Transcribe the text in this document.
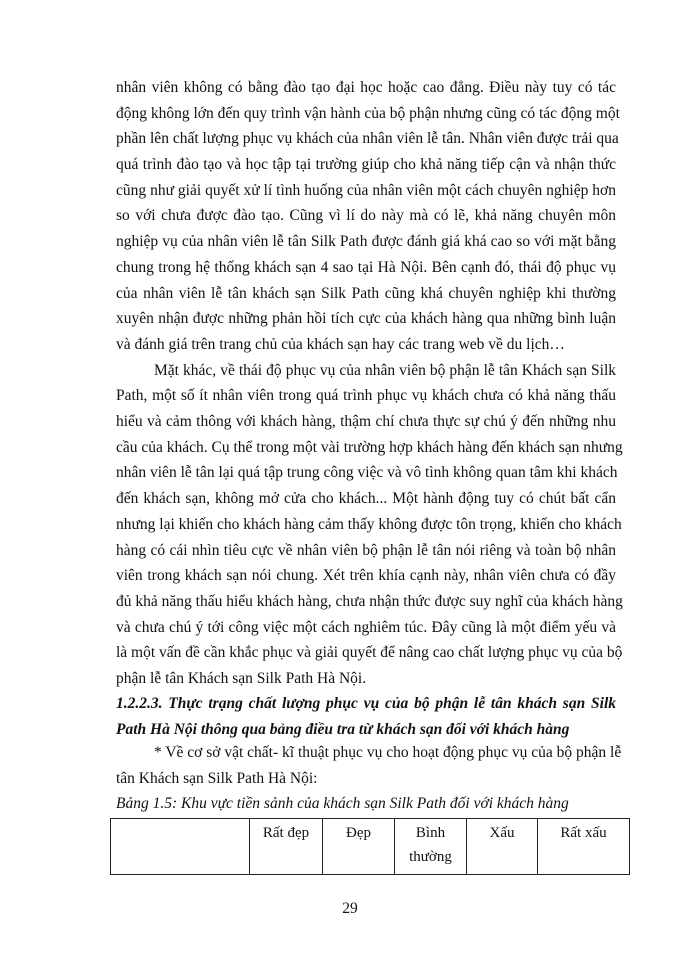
nhân viên không có bằng đào tạo đại học hoặc cao đẳng. Điều này tuy có tác
động không lớn đến quy trình vận hành của bộ phận nhưng cũng có tác động một
phần lên chất lượng phục vụ khách của nhân viên lễ tân. Nhân viên được trải qua
quá trình đào tạo và học tập tại trường giúp cho khả năng tiếp cận và nhận thức
cũng như giải quyết xử lí tình huống của nhân viên một cách chuyên nghiệp hơn
so với chưa được đào tạo. Cũng vì lí do này mà có lẽ, khả năng chuyên môn
nghiệp vụ của nhân viên lễ tân Silk Path được đánh giá khá cao so với mặt bằng
chung trong hệ thống khách sạn 4 sao tại Hà Nội. Bên cạnh đó, thái độ phục vụ
của nhân viên lễ tân khách sạn Silk Path cũng khá chuyên nghiệp khi thường
xuyên nhận được những phản hồi tích cực của khách hàng qua những bình luận
và đánh giá trên trang chủ của khách sạn hay các trang web về du lịch…
Mặt khác, về thái độ phục vụ của nhân viên bộ phận lễ tân Khách sạn Silk
Path, một số ít nhân viên trong quá trình phục vụ khách chưa có khả năng thấu
hiểu và cảm thông với khách hàng, thậm chí chưa thực sự chú ý đến những nhu
cầu của khách. Cụ thể trong một vài trường hợp khách hàng đến khách sạn nhưng
nhân viên lễ tân lại quá tập trung công việc và vô tình không quan tâm khi khách
đến khách sạn, không mở cửa cho khách... Một hành động tuy có chút bất cẩn
nhưng lại khiến cho khách hàng cảm thấy không được tôn trọng, khiến cho khách
hàng có cái nhìn tiêu cực về nhân viên bộ phận lễ tân nói riêng và toàn bộ nhân
viên trong khách sạn nói chung. Xét trên khía cạnh này, nhân viên chưa có đầy
đủ khả năng thấu hiểu khách hàng, chưa nhận thức được suy nghĩ của khách hàng
và chưa chú ý tới công việc một cách nghiêm túc. Đây cũng là một điểm yếu và
là một vấn đề cần khắc phục và giải quyết để nâng cao chất lượng phục vụ của bộ
phận lễ tân Khách sạn Silk Path Hà Nội.
1.2.2.3. Thực trạng chất lượng phục vụ của bộ phận lễ tân khách sạn Silk
Path Hà Nội thông qua bảng điều tra từ khách sạn đối với khách hàng
* Về cơ sở vật chất- kĩ thuật phục vụ cho hoạt động phục vụ của bộ phận lễ
tân Khách sạn Silk Path Hà Nội:
Bảng 1.5: Khu vực tiền sảnh của khách sạn Silk Path đối với khách hàng
	Rất đẹp	Đẹp	Bình thường	Xấu	Rất xấu
29
